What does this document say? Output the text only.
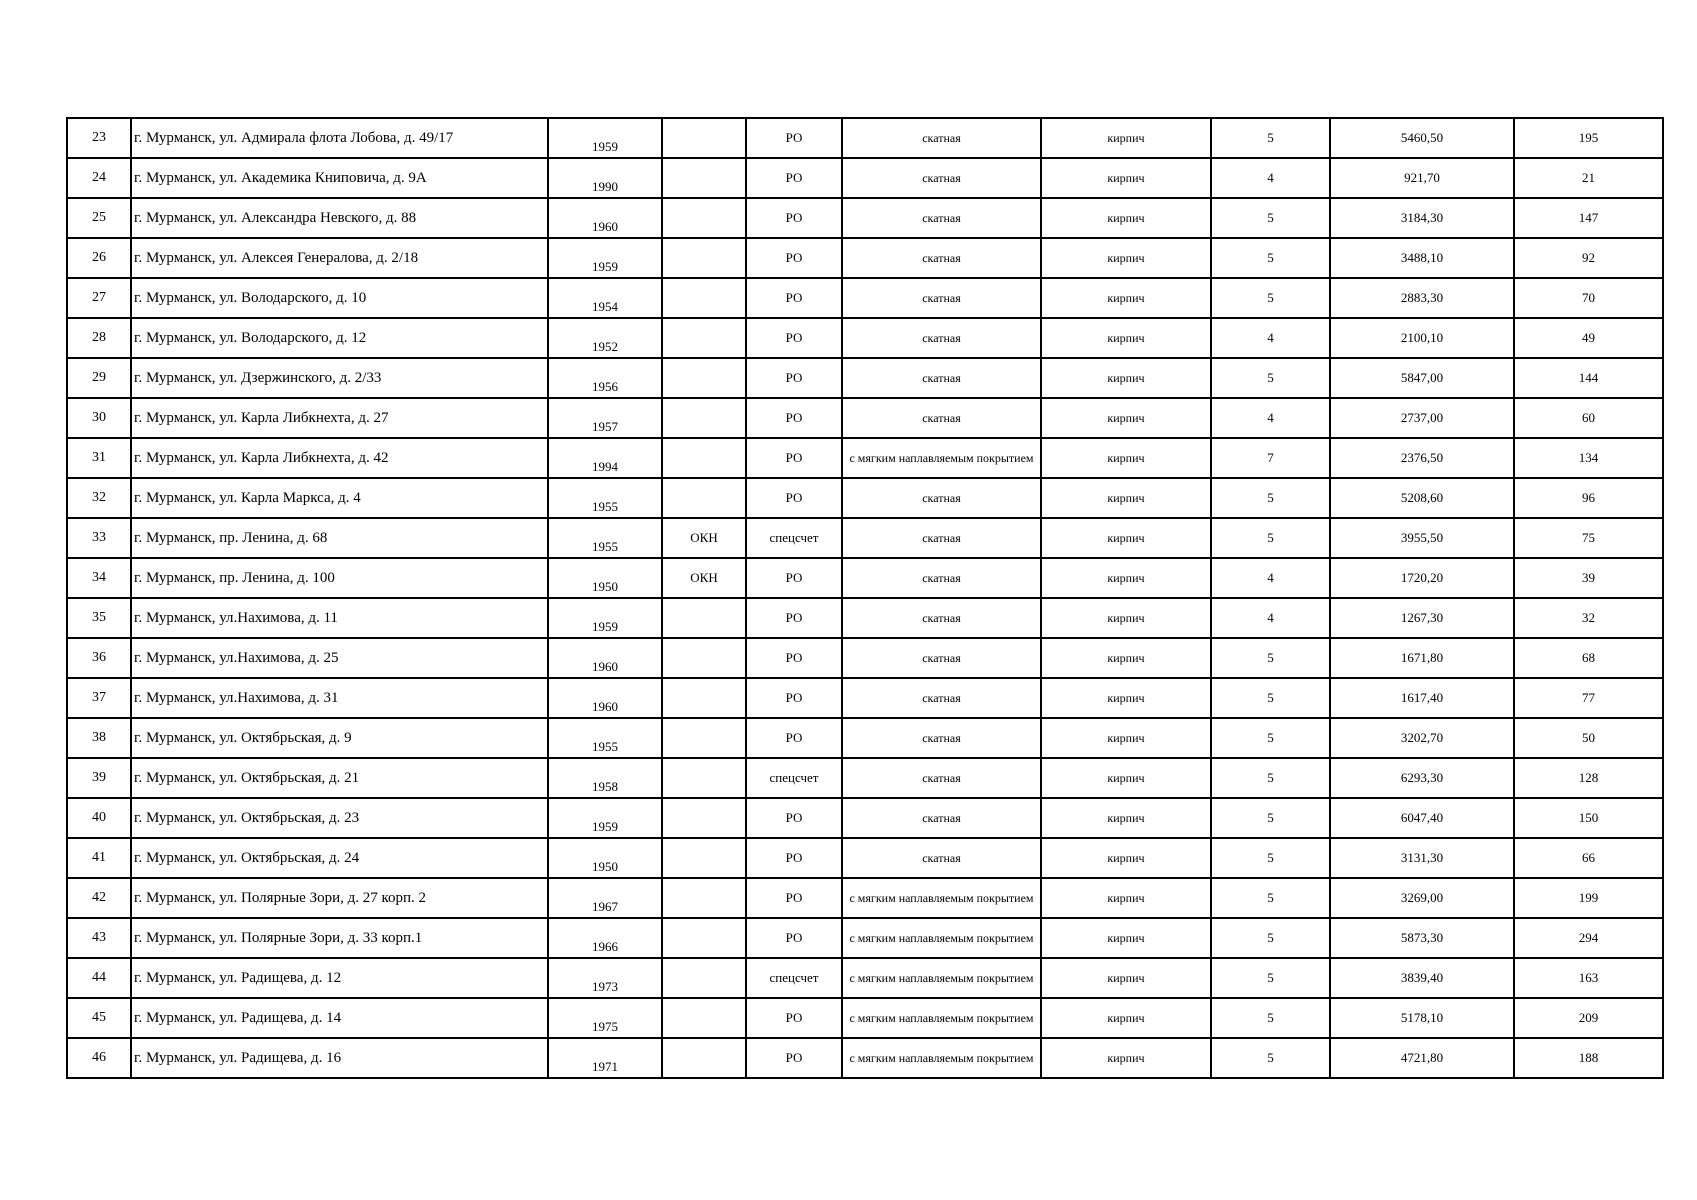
23	г. Мурманск, ул. Адмирала флота Лобова, д. 49/17	1959		РО	скатная	кирпич	5	5460,50	195
24	г. Мурманск, ул. Академика Книповича, д. 9А	1990		РО	скатная	кирпич	4	921,70	21
25	г. Мурманск, ул. Александра Невского, д. 88	1960		РО	скатная	кирпич	5	3184,30	147
26	г. Мурманск, ул. Алексея Генералова, д. 2/18	1959		РО	скатная	кирпич	5	3488,10	92
27	г. Мурманск, ул. Володарского, д. 10	1954		РО	скатная	кирпич	5	2883,30	70
28	г. Мурманск, ул. Володарского, д. 12	1952		РО	скатная	кирпич	4	2100,10	49
29	г. Мурманск, ул. Дзержинского, д. 2/33	1956		РО	скатная	кирпич	5	5847,00	144
30	г. Мурманск, ул. Карла Либкнехта, д. 27	1957		РО	скатная	кирпич	4	2737,00	60
31	г. Мурманск, ул. Карла Либкнехта, д. 42	1994		РО	с мягким наплавляемым покрытием	кирпич	7	2376,50	134
32	г. Мурманск, ул. Карла Маркса, д. 4	1955		РО	скатная	кирпич	5	5208,60	96
33	г. Мурманск, пр. Ленина, д. 68	1955	ОКН	спецсчет	скатная	кирпич	5	3955,50	75
34	г. Мурманск, пр. Ленина, д. 100	1950	ОКН	РО	скатная	кирпич	4	1720,20	39
35	г. Мурманск, ул.Нахимова, д. 11	1959		РО	скатная	кирпич	4	1267,30	32
36	г. Мурманск, ул.Нахимова, д. 25	1960		РО	скатная	кирпич	5	1671,80	68
37	г. Мурманск, ул.Нахимова, д. 31	1960		РО	скатная	кирпич	5	1617,40	77
38	г. Мурманск, ул. Октябрьская, д. 9	1955		РО	скатная	кирпич	5	3202,70	50
39	г. Мурманск, ул. Октябрьская, д. 21	1958		спецсчет	скатная	кирпич	5	6293,30	128
40	г. Мурманск, ул. Октябрьская, д. 23	1959		РО	скатная	кирпич	5	6047,40	150
41	г. Мурманск, ул. Октябрьская, д. 24	1950		РО	скатная	кирпич	5	3131,30	66
42	г. Мурманск, ул. Полярные Зори, д. 27 корп. 2	1967		РО	с мягким наплавляемым покрытием	кирпич	5	3269,00	199
43	г. Мурманск, ул. Полярные Зори, д. 33 корп.1	1966		РО	с мягким наплавляемым покрытием	кирпич	5	5873,30	294
44	г. Мурманск, ул. Радищева, д. 12	1973		спецсчет	с мягким наплавляемым покрытием	кирпич	5	3839,40	163
45	г. Мурманск, ул. Радищева, д. 14	1975		РО	с мягким наплавляемым покрытием	кирпич	5	5178,10	209
46	г. Мурманск, ул. Радищева, д. 16	1971		РО	с мягким наплавляемым покрытием	кирпич	5	4721,80	188
